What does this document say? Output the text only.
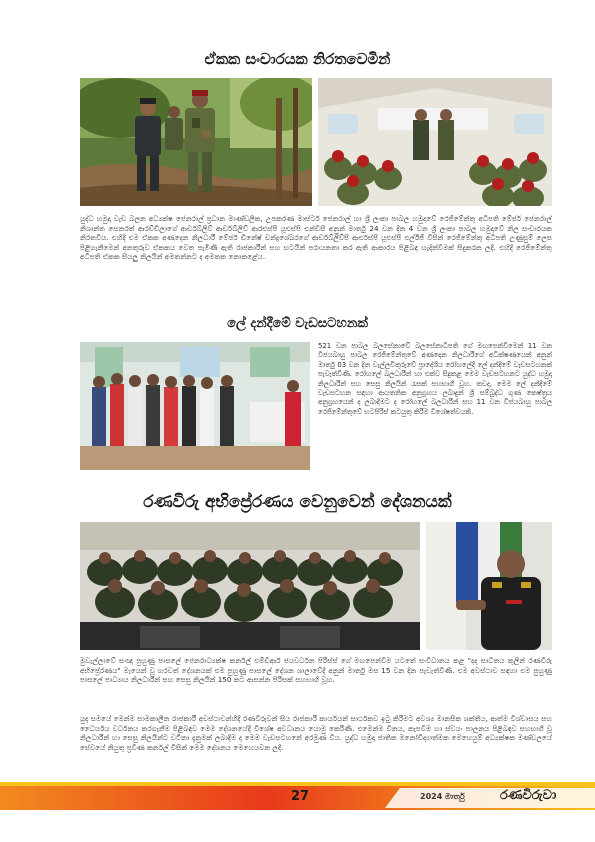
ඒකක සංචාරයක නිරතවෙමින්
යුද්ධ හමුදා වැඩ බලන අධ්‍යක්ෂ ජෙනරාල් ප්‍රධාන මාණ්ඩලික, උපකරණ මාස්ටර් ජෙනරාල් හා ශ්‍රී ලංකා පාබල හමුදාවේ රෙජිමේන්තු අධිපති මේජර් ජෙනරාල් නිශාන්ත සෙනරත් ආරච්චිලාගේ ආර්ඩබ්ලිව් ආර්ඩබ්ලිව් ආරඑස්පී යූඑස්පී එන්ඩීසී අනුන් මාර්තු 24 වන දින 4 වන ශ්‍රී ලංකා පාබල හමුදාවේ නිල සංචාරයක නිරතවිය. එහිදී එම ඒකක අණදෙන නිලධාරී මේජර් ඩිනේෂ් චන්ද්‍රශේඛරගේ ආර්ඩබ්ලිව්පී ආර්එස්පී යූඑස්පී එල්ඊජී විසින් රෙජිමේන්තු අධිපති උණුසුම් ලෙස පිළිගැනීමෙන් අනතුරුව ඒකකය වෙත පැමිණි ඇති රාජකාරීන් සහ භටයින් පරායනතා කර ඇති ආකාරය පිළිබඳ හැදින්වීමක් සිදුකරන ලදී. එහිදී රෙජිමේන්තු අධිපති ඒකක සියලු නිලයින් අමතන්නට ද අමතක නොකළේය.
ලේ දන්දීමේ වැඩසටහනක්
521 වන පාබල බලසේනාවේ බලසේනාධිපති ගේ මඟපෙන්වීමෙන් 11 වන විජයබාහු පාබල රෙජිමේන්තුවේ අණදෙන නිලධාරීගේ අධීක්ෂණයෙන් අනුන් මාර්තු 03 වන දින වැල්ලවිතුරුවේ ප්‍රාදේශීය රෝහලේදී ලේ දන්දීමේ වැඩසටහනක් පැවැත්විණි. රෝහලේ බලධාරීන් හා එක්ව සිදුකළ මෙම වැඩසටහනට යුද්ධ හමුදා නිලධාරීන් සහ සෙසු නිලයින් රැසක් සහභාගී වූහ. තවද, මෙම ලේ දන්දීමේ වැඩසටහන සඳහා ආයතනික අනුග්‍රහය ලබාදුන් ශ්‍රී සම්බුද්ධ ගුණ කෙෂ්ත්‍රය අනුග්‍රහයෙන් ද ලබාදීමට ද රෝහලේ බලධාරීන් සහ 11 වන විජයබාහු පාබල රෙජිමේන්තුවේ භටපිරිස් කටයුතු කිරීම විශේෂත්වයකි.
රණවිරු අභිප්‍රේරණය වෙනුවෙන් දේශනයක්
මුවැල්ලාවේ සංඥා පුහුණු පාසලේ ජෙනරාධ්‍යක්ෂ කර්නල් එම්ඩීආර් ජයවර්ධන පිරිස්ස් ගේ මඟපෙන්වීම යටතේ සංවිධානය කළ "දද සාධිතය කුලින් රණවිරු අභිප්‍රේරණය" මැයෙන් වූ හරවත් දේශනයක් එම පුහුණු පාසලේ දේශන ශාලාවේදී අනුන් මාර්තු මස 15 වන දින පැවැත්විණි. එම අවස්ථාව සඳහා එම පුහුණු පාසලේ පාධ්‍යාය නිලධාරීන් සහ සෙසු නිලයින් 150 කට ආසන්න පිරිසක් සහභාගී වූහ.
යුද සමයේ මෙන්ම සාමකාලීන රාජකාරී අවස්ථාවන්හිදී රණවිරුවන් සිය රාජකාරී කාර්යයන් සාර්ථකව ඉටු කිරීමට අවශ්‍ය මානසික ශක්තිය, ආත්ම විශ්වාසය සහ ධෛර්යය වර්ධනය කරගැනීම පිළිබඳව මෙම දේශනයේදී විශේෂ අවධානය යොමු කෙරිණි. එමෙන්ම විනය, කැපවීම හා ස්වයං පාලනය පිළිබඳව සහභාගී වූ නිලධාරීන් හා සෙසු නිලයින්ට වටිනා දැනුමක් ලබාදීම ද මෙම වැඩසටහනේ අරමුණ විය. යුද්ධ හමුදා ජාතික මනෝවිද්‍යාත්මක මෙහෙයුම් අධ්‍යක්ෂක මණ්ඩලයේ සේවයේ නියුතු ප්‍රවීණ කර්නල් විසින් මෙම දේශනය මෙහෙයවන ලදී.
27	2024 මාර්තු	රණවිරුවා
